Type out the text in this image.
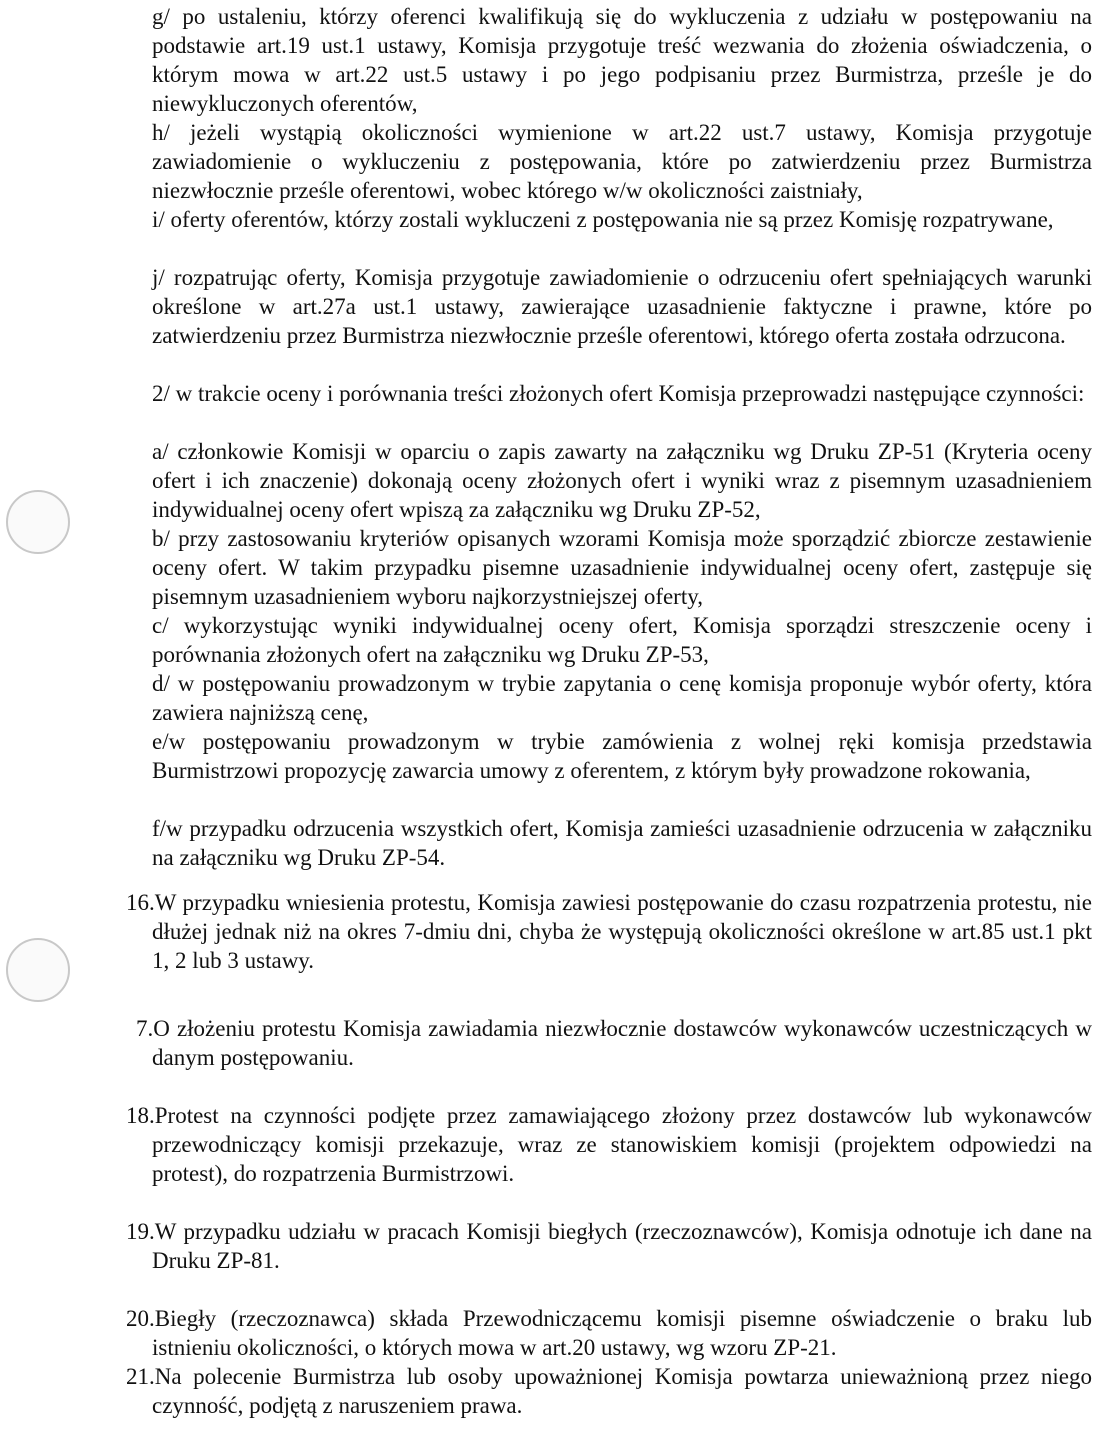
g/ po ustaleniu, którzy oferenci kwalifikują się do wykluczenia z udziału w postępowaniu na podstawie art.19 ust.1 ustawy, Komisja przygotuje treść wezwania do złożenia oświadczenia, o którym mowa w art.22 ust.5 ustawy i po jego podpisaniu przez Burmistrza, prześle je do niewykluczonych oferentów,

h/ jeżeli wystąpią okoliczności wymienione w art.22 ust.7 ustawy, Komisja przygotuje zawiadomienie o wykluczeniu z postępowania, które po zatwierdzeniu przez Burmistrza niezwłocznie prześle oferentowi, wobec którego w/w okoliczności zaistniały,

i/ oferty oferentów, którzy zostali wykluczeni z postępowania nie są przez Komisję rozpatrywane,

j/ rozpatrując oferty, Komisja przygotuje zawiadomienie o odrzuceniu ofert spełniających warunki określone w art.27a ust.1 ustawy, zawierające uzasadnienie faktyczne i prawne, które po zatwierdzeniu przez Burmistrza niezwłocznie prześle oferentowi, którego oferta została odrzucona.

2/ w trakcie oceny i porównania treści złożonych ofert Komisja przeprowadzi następujące czynności:

a/ członkowie Komisji w oparciu o zapis zawarty na załączniku wg Druku ZP-51 (Kryteria oceny ofert i ich znaczenie) dokonają oceny złożonych ofert i wyniki wraz z pisemnym uzasadnieniem indywidualnej oceny ofert wpiszą za załączniku wg Druku ZP-52,

b/ przy zastosowaniu kryteriów opisanych wzorami Komisja może sporządzić zbiorcze zestawienie oceny ofert. W takim przypadku pisemne uzasadnienie indywidualnej oceny ofert, zastępuje się pisemnym uzasadnieniem wyboru najkorzystniejszej oferty,

c/ wykorzystując wyniki indywidualnej oceny ofert, Komisja sporządzi streszczenie oceny i porównania złożonych ofert na załączniku wg Druku ZP-53,

d/ w postępowaniu prowadzonym w trybie zapytania o cenę komisja proponuje wybór oferty, która zawiera najniższą cenę,

e/w postępowaniu prowadzonym w trybie zamówienia z wolnej ręki komisja przedstawia Burmistrzowi propozycję zawarcia umowy z oferentem, z którym były prowadzone rokowania,

f/w przypadku odrzucenia wszystkich ofert, Komisja zamieści uzasadnienie odrzucenia w załączniku na załączniku wg Druku ZP-54.

16.W przypadku wniesienia protestu, Komisja zawiesi postępowanie do czasu rozpatrzenia protestu, nie dłużej jednak niż na okres 7-dmiu dni, chyba że występują okoliczności określone w art.85 ust.1 pkt 1, 2 lub 3 ustawy.

7.O złożeniu protestu Komisja zawiadamia niezwłocznie dostawców wykonawców uczestniczących w danym postępowaniu.

18.Protest na czynności podjęte przez zamawiającego złożony przez dostawców lub wykonawców przewodniczący komisji przekazuje, wraz ze stanowiskiem komisji (projektem odpowiedzi na protest), do rozpatrzenia Burmistrzowi.

19.W przypadku udziału w pracach Komisji biegłych (rzeczoznawców), Komisja odnotuje ich dane na Druku ZP-81.

20.Biegły (rzeczoznawca) składa Przewodniczącemu komisji pisemne oświadczenie o braku lub istnieniu okoliczności, o których mowa w art.20 ustawy, wg wzoru ZP-21.

21.Na polecenie Burmistrza lub osoby upoważnionej Komisja powtarza unieważnioną przez niego czynność, podjętą z naruszeniem prawa.
